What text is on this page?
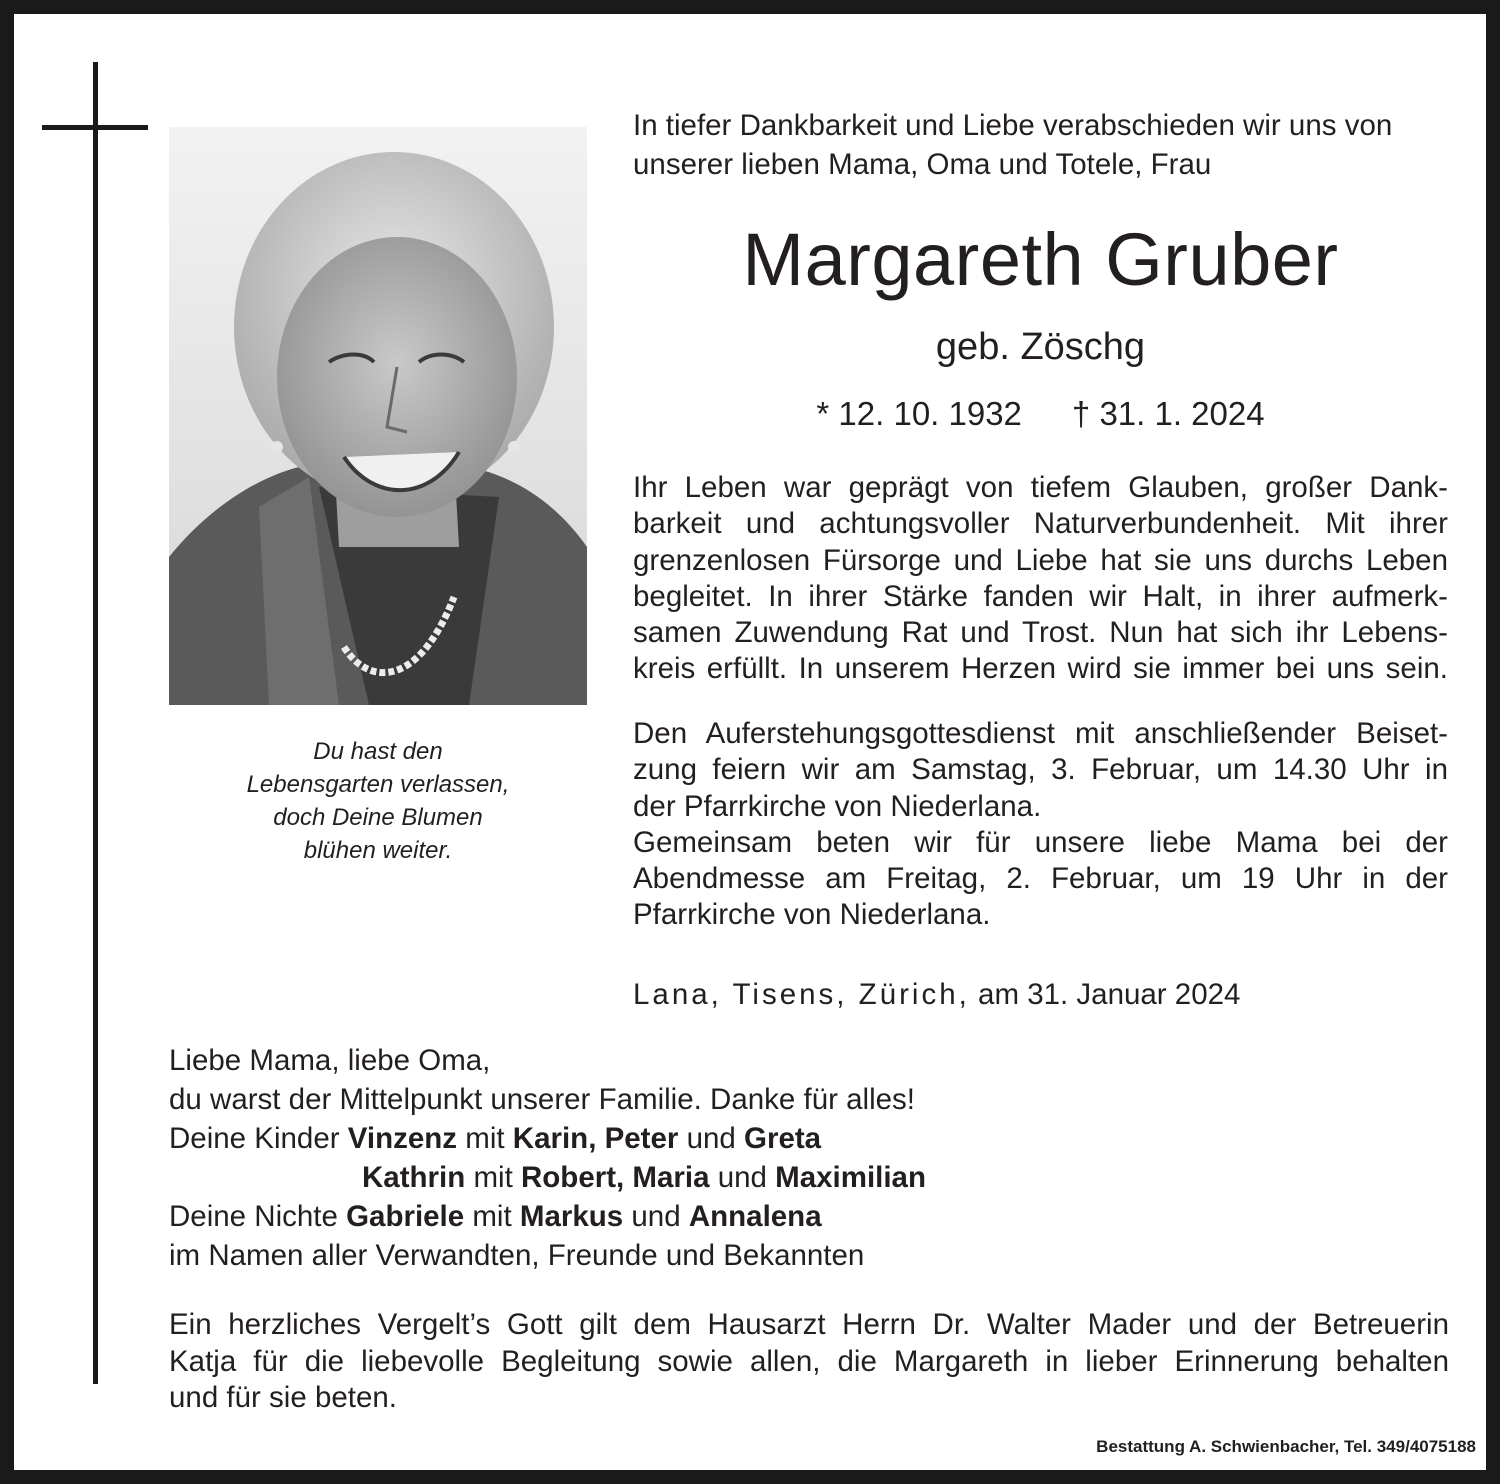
Du hast den
Lebensgarten verlassen,
doch Deine Blumen
blühen weiter.
In tiefer Dankbarkeit und Liebe verabschieden wir uns von
unserer lieben Mama, Oma und Totele, Frau
Margareth Gruber
geb. Zöschg
* 12. 10. 1932 † 31. 1. 2024
Ihr Leben war geprägt von tiefem Glauben, großer Dank-
barkeit und achtungsvoller Naturverbundenheit. Mit ihrer
grenzenlosen Fürsorge und Liebe hat sie uns durchs Leben
begleitet. In ihrer Stärke fanden wir Halt, in ihrer aufmerk-
samen Zuwendung Rat und Trost. Nun hat sich ihr Lebens-
kreis erfüllt. In unserem Herzen wird sie immer bei uns sein.
Den Auferstehungsgottesdienst mit anschließender Beiset-
zung feiern wir am Samstag, 3. Februar, um 14.30 Uhr in
der Pfarrkirche von Niederlana.
Gemeinsam beten wir für unsere liebe Mama bei der
Abendmesse am Freitag, 2. Februar, um 19 Uhr in der
Pfarrkirche von Niederlana.
Lana, Tisens, Zürich, am 31. Januar 2024
Liebe Mama, liebe Oma,
du warst der Mittelpunkt unserer Familie. Danke für alles!
Deine Kinder Vinzenz mit Karin, Peter und Greta
Kathrin mit Robert, Maria und Maximilian
Deine Nichte Gabriele mit Markus und Annalena
im Namen aller Verwandten, Freunde und Bekannten
Ein herzliches Vergelt’s Gott gilt dem Hausarzt Herrn Dr. Walter Mader und der Betreuerin
Katja für die liebevolle Begleitung sowie allen, die Margareth in lieber Erinnerung behalten
und für sie beten.
Bestattung A. Schwienbacher, Tel. 349/4075188
